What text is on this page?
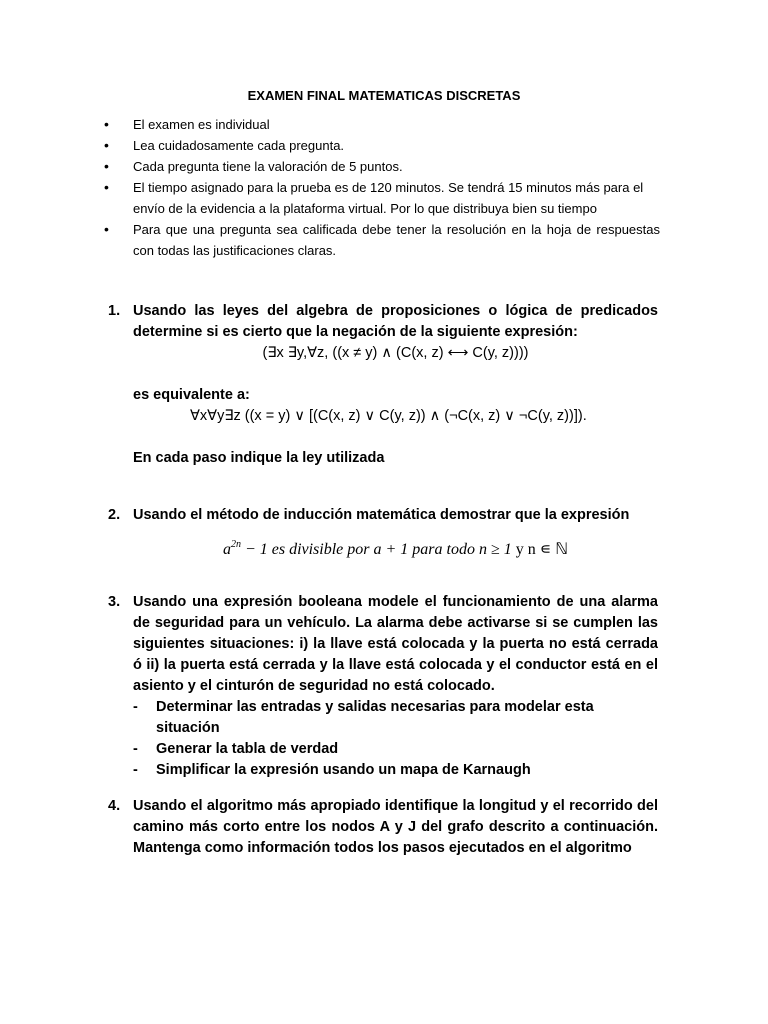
EXAMEN FINAL MATEMATICAS DISCRETAS
• El examen es individual
• Lea cuidadosamente cada pregunta.
• Cada pregunta tiene la valoración de 5 puntos.
• El tiempo asignado para la prueba es de 120 minutos. Se tendrá 15 minutos más para el envío de la evidencia a la plataforma virtual. Por lo que distribuya bien su tiempo
• Para que una pregunta sea calificada debe tener la resolución en la hoja de respuestas con todas las justificaciones claras.
1. Usando las leyes del algebra de proposiciones o lógica de predicados determine si es cierto que la negación de la siguiente expresión:
(∃x ∃y,∀z, ((x ≠ y) ∧ (C(x, z) ⟷ C(y, z))))
es equivalente a:
∀x∀y∃z ((x = y) ∨ [(C(x, z) ∨ C(y, z)) ∧ (¬C(x, z) ∨ ¬C(y, z))]).
En cada paso indique la ley utilizada
2. Usando el método de inducción matemática demostrar que la expresión
$a^{2n} - 1$ es divisible por a + 1 para todo n ≥ 1 y n ∊ ℕ
3. Usando una expresión booleana modele el funcionamiento de una alarma de seguridad para un vehículo. La alarma debe activarse si se cumplen las siguientes situaciones: i) la llave está colocada y la puerta no está cerrada ó ii) la puerta está cerrada y la llave está colocada y el conductor está en el asiento y el cinturón de seguridad no está colocado.
- Determinar las entradas y salidas necesarias para modelar esta situación
- Generar la tabla de verdad
- Simplificar la expresión usando un mapa de Karnaugh
4. Usando el algoritmo más apropiado identifique la longitud y el recorrido del camino más corto entre los nodos A y J del grafo descrito a continuación. Mantenga como información todos los pasos ejecutados en el algoritmo
